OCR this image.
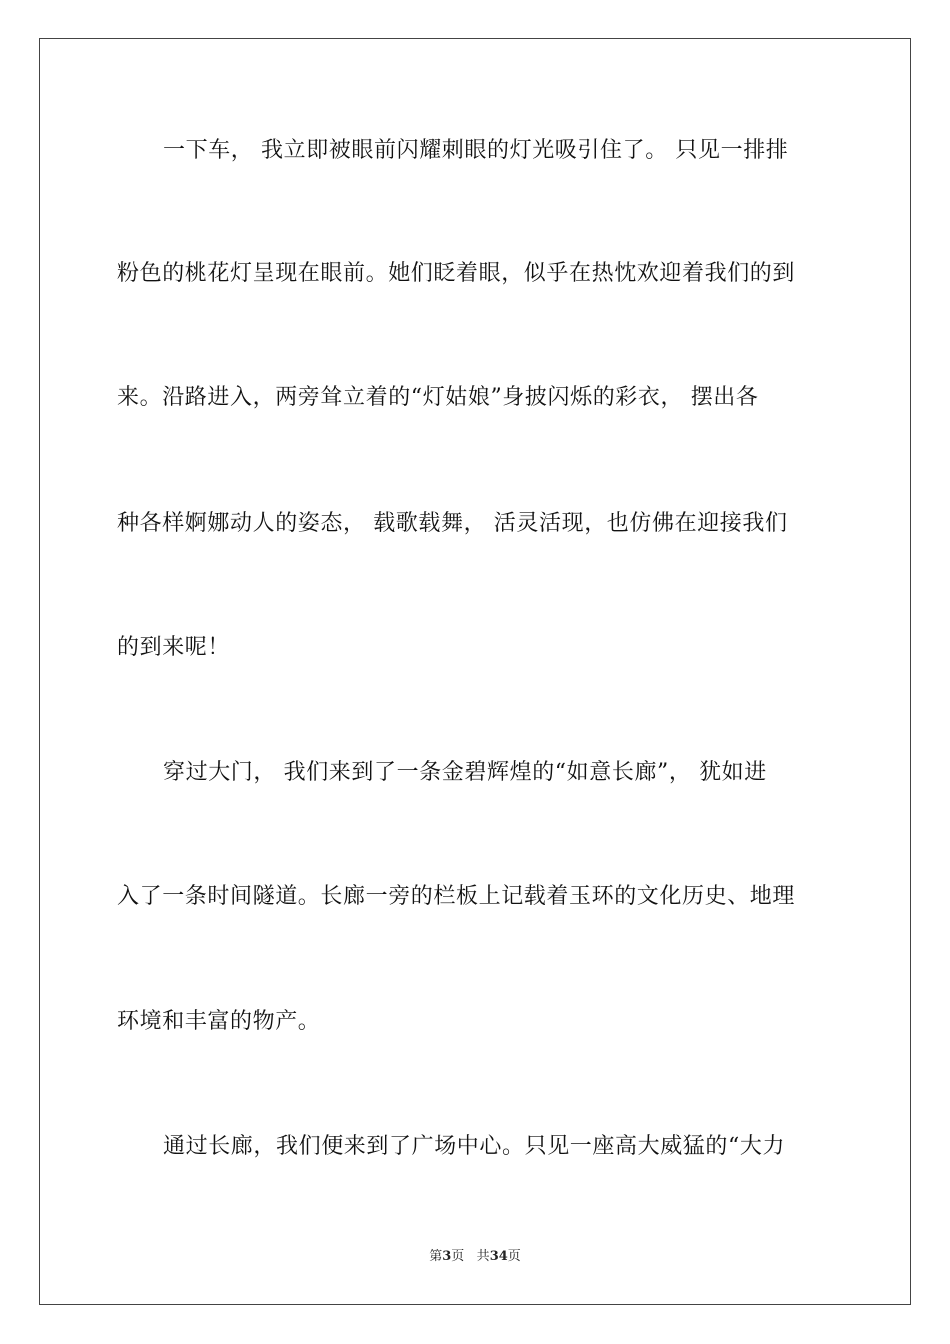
一下车， 我立即被眼前闪耀刺眼的灯光吸引住了。 只见一排排
粉色的桃花灯呈现在眼前。她们眨着眼，似乎在热忱欢迎着我们的到
来。沿路进入，两旁耸立着的“灯姑娘”身披闪烁的彩衣， 摆出各
种各样婀娜动人的姿态， 载歌载舞， 活灵活现，也仿佛在迎接我们
的到来呢！
穿过大门， 我们来到了一条金碧辉煌的“如意长廊”， 犹如进
入了一条时间隧道。长廊一旁的栏板上记载着玉环的文化历史、地理
环境和丰富的物产。
通过长廊，我们便来到了广场中心。只见一座高大威猛的“大力
第3页 共34页
